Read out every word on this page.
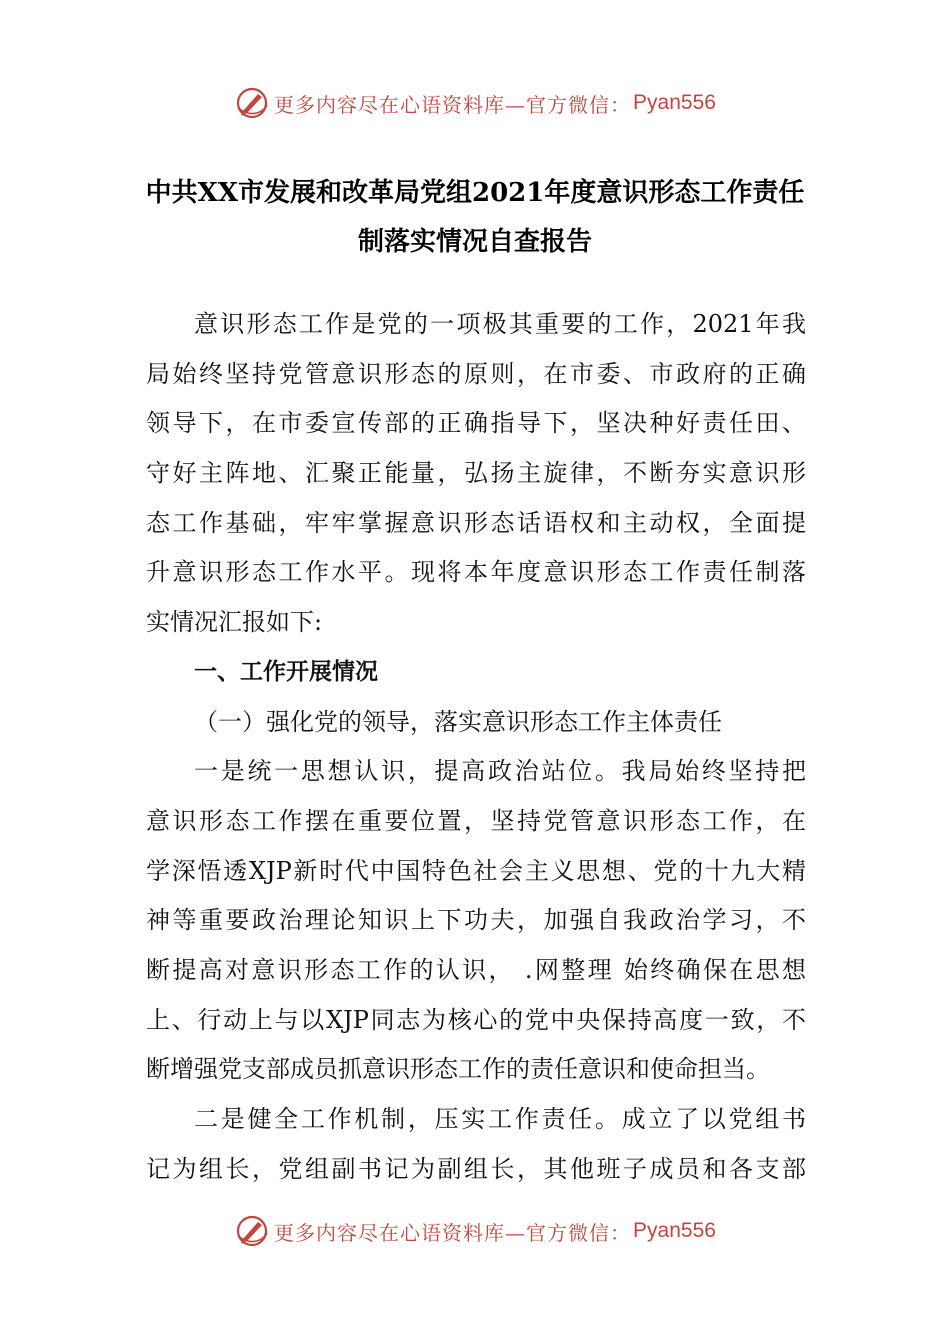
更多内容尽在心语资料库—官方微信： Pyan556
中共XX市发展和改革局党组2021年度意识形态工作责任
制落实情况自查报告
意识形态工作是党的一项极其重要的工作，2021年我
局始终坚持党管意识形态的原则，在市委、市政府的正确
领导下，在市委宣传部的正确指导下，坚决种好责任田、
守好主阵地、汇聚正能量，弘扬主旋律，不断夯实意识形
态工作基础，牢牢掌握意识形态话语权和主动权，全面提
升意识形态工作水平。现将本年度意识形态工作责任制落
实情况汇报如下:
一、工作开展情况
（一）强化党的领导，落实意识形态工作主体责任
一是统一思想认识，提高政治站位。我局始终坚持把
意识形态工作摆在重要位置，坚持党管意识形态工作，在
学深悟透XJP新时代中国特色社会主义思想、党的十九大精
神等重要政治理论知识上下功夫，加强自我政治学习，不
断提高对意识形态工作的认识， .网整理 始终确保在思想
上、行动上与以XJP同志为核心的党中央保持高度一致，不
断增强党支部成员抓意识形态工作的责任意识和使命担当。
二是健全工作机制，压实工作责任。成立了以党组书
记为组长，党组副书记为副组长，其他班子成员和各支部
更多内容尽在心语资料库—官方微信： Pyan556
